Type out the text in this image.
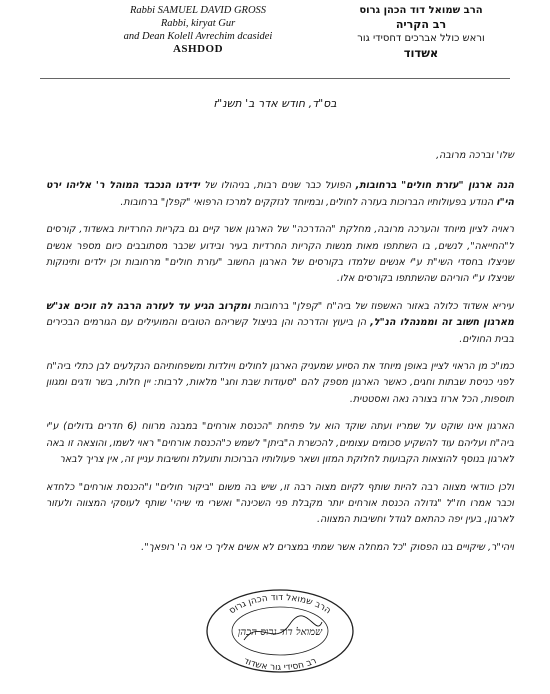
Rabbi SAMUEL DAVID GROSS
Rabbi, kiryat Gur
and Dean Kolell Avrechim dcasidei
ASHDOD
הרב שמואל דוד הכהן גרוס
רב הקריה
וראש כולל אברכים דחסידי גור
אשדוד
בס"ד, חודש אדר ב' תשנ"ז

שלו' וברכה מרובה,

הנה ארגון "עזרת חולים" ברחובות, הפועל כבר שנים רבות, בניהולו של ידידנו הנכבד המוהל ר' אליהו ירט הי"ו הנודע בפעולותיו הברוכות בעזרה לחולים, ובמיוחד לנזקקים למרכז הרפואי "קפלן" ברחובות.

ראויה לציון מיוחד והערכה מרובה, מחלקת "ההדרכה" של הארגון אשר קיים גם בקריות החרדיות באשדוד, קורסים ל"החייאה", לנשים, בו השתתפו מאות מנשות הקריות החרדיות בעיר ובידוע שכבר מסתובבים כיום מספר אנשים שניצלו בחסדי השי"ת ע"י אנשים שלמדו בקורסים של הארגון החשוב "עזרת חולים" מרחובות וכן ילדים ותינוקות שניצלו ע"י הוריהם שהשתתפו בקורסים אלו.

עיריא אשדוד כלולה באזור האשפוז של ביה"ח "קפלן" ברחובות ומקרוב הגיע עד לעזרה הרבה לה זוכים אנ"ש מארגון חשוב זה וממנהלו הנ"ל, הן ביעוץ והדרכה והן בניצול קשריהם הטובים והמועילים עם הגורמים הבכירים בבית החולים.

כמו"כ מן הראוי לציין באופן מיוחד את הסיוע שמעניק הארגון לחולים ויולדות ומשפחותיהם הנקלעים לבן כתלי ביה"ח לפני כניסת שבתות וחגים, כאשר הארגון מספק להם "סעודות שבת וחג" מלאות, לרבות: יין חלות, בשר ודגים ומגוון תוספות, הכל ארוז בצורה נאה ואסטטית.

הארגון אינו שוקט על שמריו ועתה שוקד הוא על פתיחת "הכנסת אורחים" במבנה מרווח (6 חדרים גדולים) ע"י ביה"ח ועליהם עוד להשקיע סכומים עצומים, להכשרת ה"ביתן" לשמש כ"הכנסת אורחים" ראוי לשמו, והוצאה זו באה לארגון בנוסף להוצאות הקבועות לחלוקת המזון ושאר פעולותיו הברוכות ותועלת וחשיבות עניין זה, אין צריך לבאר

ולכן כוודאי מצווה רבה להיות שותף לקיום מצוה רבה זו, שיש בה משום "ביקור חולים" ו"הכנסת אורחים" כלחדא וכבר אמרו חז"ל "גדולה הכנסת אורחים יותר מקבלת פני השכינה" ואשרי מי שיהי' שותף לעוסקי המצווה ולעזור לארגון, בעין יפה כהתאם לגודל וחשיבות המצווה.

ויהי"ר, שיקויים בנו הפסוק "כל המחלה אשר שמתי במצרים לא אשים אליך כי אני ה' רופאך".

הרב שמואל דוד הכהן גרוס
רב חסידי גור אשדוד
שמואל דוד גרוס הכהן
